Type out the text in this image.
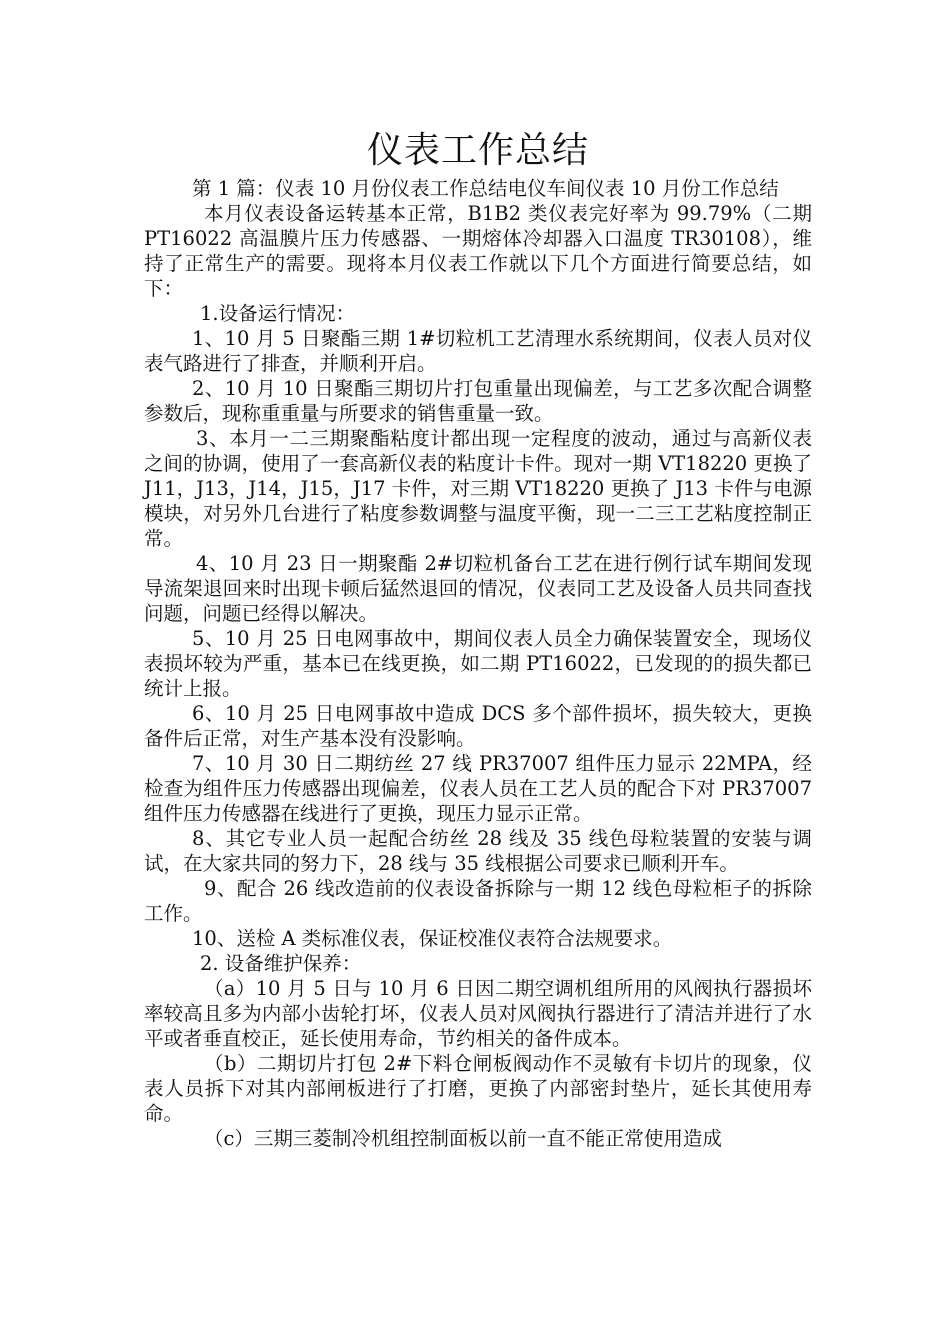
仪表工作总结

第 1 篇：仪表 10 月份仪表工作总结电仪车间仪表 10 月份工作总结

本月仪表设备运转基本正常，B1B2 类仪表完好率为 99.79%（二期 PT16022 高温膜片压力传感器、一期熔体冷却器入口温度 TR30108），维持了正常生产的需要。现将本月仪表工作就以下几个方面进行简要总结，如下：

1.设备运行情况：

1、10 月 5 日聚酯三期 1#切粒机工艺清理水系统期间，仪表人员对仪表气路进行了排查，并顺利开启。

2、10 月 10 日聚酯三期切片打包重量出现偏差，与工艺多次配合调整参数后，现称重重量与所要求的销售重量一致。

3、本月一二三期聚酯粘度计都出现一定程度的波动，通过与高新仪表之间的协调，使用了一套高新仪表的粘度计卡件。现对一期 VT18220 更换了 J11，J13，J14，J15，J17 卡件，对三期 VT18220 更换了 J13 卡件与电源模块，对另外几台进行了粘度参数调整与温度平衡，现一二三工艺粘度控制正常。

4、10 月 23 日一期聚酯 2#切粒机备台工艺在进行例行试车期间发现导流架退回来时出现卡顿后猛然退回的情况，仪表同工艺及设备人员共同查找问题，问题已经得以解决。

5、10 月 25 日电网事故中，期间仪表人员全力确保装置安全，现场仪表损坏较为严重，基本已在线更换，如二期 PT16022，已发现的的损失都已统计上报。

6、10 月 25 日电网事故中造成 DCS 多个部件损坏，损失较大，更换备件后正常，对生产基本没有没影响。

7、10 月 30 日二期纺丝 27 线 PR37007 组件压力显示 22MPA，经检查为组件压力传感器出现偏差，仪表人员在工艺人员的配合下对 PR37007 组件压力传感器在线进行了更换，现压力显示正常。

8、其它专业人员一起配合纺丝 28 线及 35 线色母粒装置的安装与调试，在大家共同的努力下，28 线与 35 线根据公司要求已顺利开车。

9、配合 26 线改造前的仪表设备拆除与一期 12 线色母粒柜子的拆除工作。

10、送检 A 类标准仪表，保证校准仪表符合法规要求。

2. 设备维护保养：

（a）10 月 5 日与 10 月 6 日因二期空调机组所用的风阀执行器损坏率较高且多为内部小齿轮打坏，仪表人员对风阀执行器进行了清洁并进行了水平或者垂直校正，延长使用寿命，节约相关的备件成本。

（b）二期切片打包 2#下料仓闸板阀动作不灵敏有卡切片的现象，仪表人员拆下对其内部闸板进行了打磨，更换了内部密封垫片，延长其使用寿命。

（c）三期三菱制冷机组控制面板以前一直不能正常使用造成
